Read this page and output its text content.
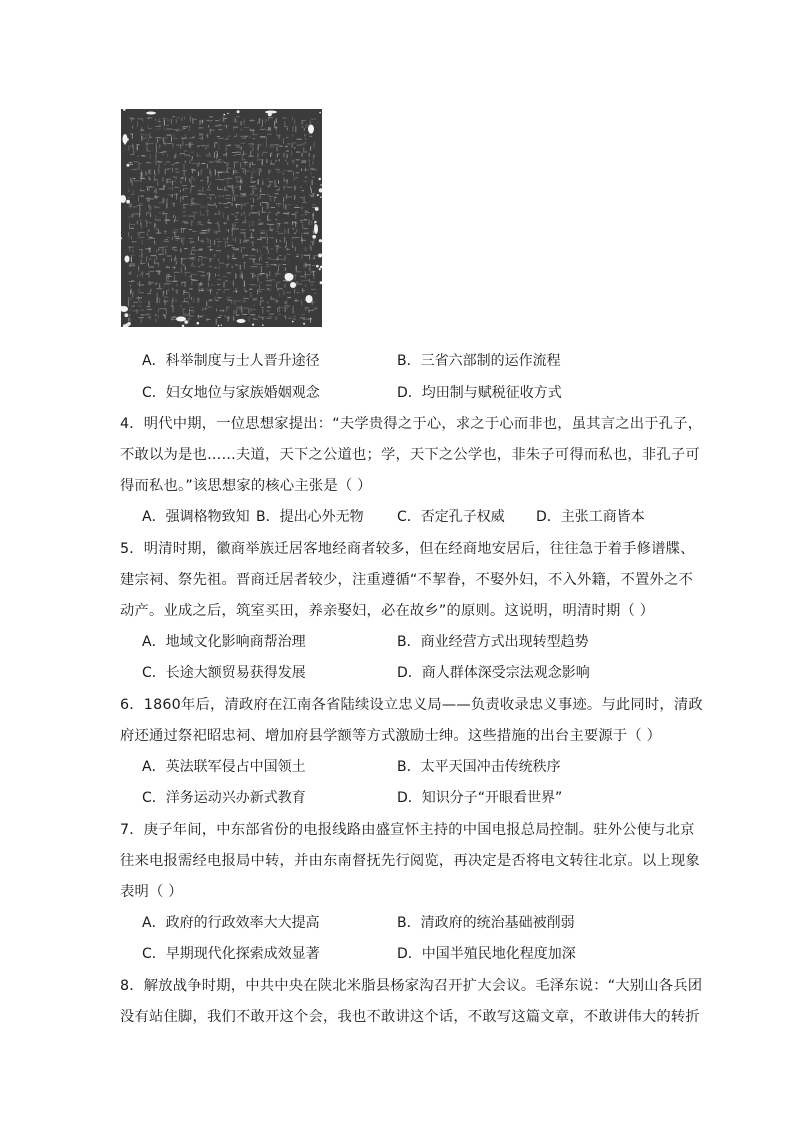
A．科举制度与士人晋升途径	B．三省六部制的运作流程
C．妇女地位与家族婚姻观念	D．均田制与赋税征收方式
4．明代中期，一位思想家提出：“夫学贵得之于心，求之于心而非也，虽其言之出于孔子，
不敢以为是也……夫道，天下之公道也；学，天下之公学也，非朱子可得而私也，非孔子可
得而私也。”该思想家的核心主张是（ ）
A．强调格物致知 B．提出心外无物 C．否定孔子权威 D．主张工商皆本
5．明清时期，徽商举族迁居客地经商者较多，但在经商地安居后，往往急于着手修谱牒、
建宗祠、祭先祖。晋商迁居者较少，注重遵循“不挈眷，不娶外妇，不入外籍，不置外之不
动产。业成之后，筑室买田，养亲娶妇，必在故乡”的原则。这说明，明清时期（ ）
A．地域文化影响商帮治理	B．商业经营方式出现转型趋势
C．长途大额贸易获得发展	D．商人群体深受宗法观念影响
6．1860年后，清政府在江南各省陆续设立忠义局——负责收录忠义事迹。与此同时，清政
府还通过祭祀昭忠祠、增加府县学额等方式激励士绅。这些措施的出台主要源于（ ）
A．英法联军侵占中国领土	B．太平天国冲击传统秩序
C．洋务运动兴办新式教育	D．知识分子“开眼看世界”
7．庚子年间，中东部省份的电报线路由盛宣怀主持的中国电报总局控制。驻外公使与北京
往来电报需经电报局中转，并由东南督抚先行阅览，再决定是否将电文转往北京。以上现象
表明（ ）
A．政府的行政效率大大提高	B．清政府的统治基础被削弱
C．早期现代化探索成效显著	D．中国半殖民地化程度加深
8．解放战争时期，中共中央在陕北米脂县杨家沟召开扩大会议。毛泽东说：“大别山各兵团
没有站住脚，我们不敢开这个会，我也不敢讲这个话，不敢写这篇文章，不敢讲伟大的转折
